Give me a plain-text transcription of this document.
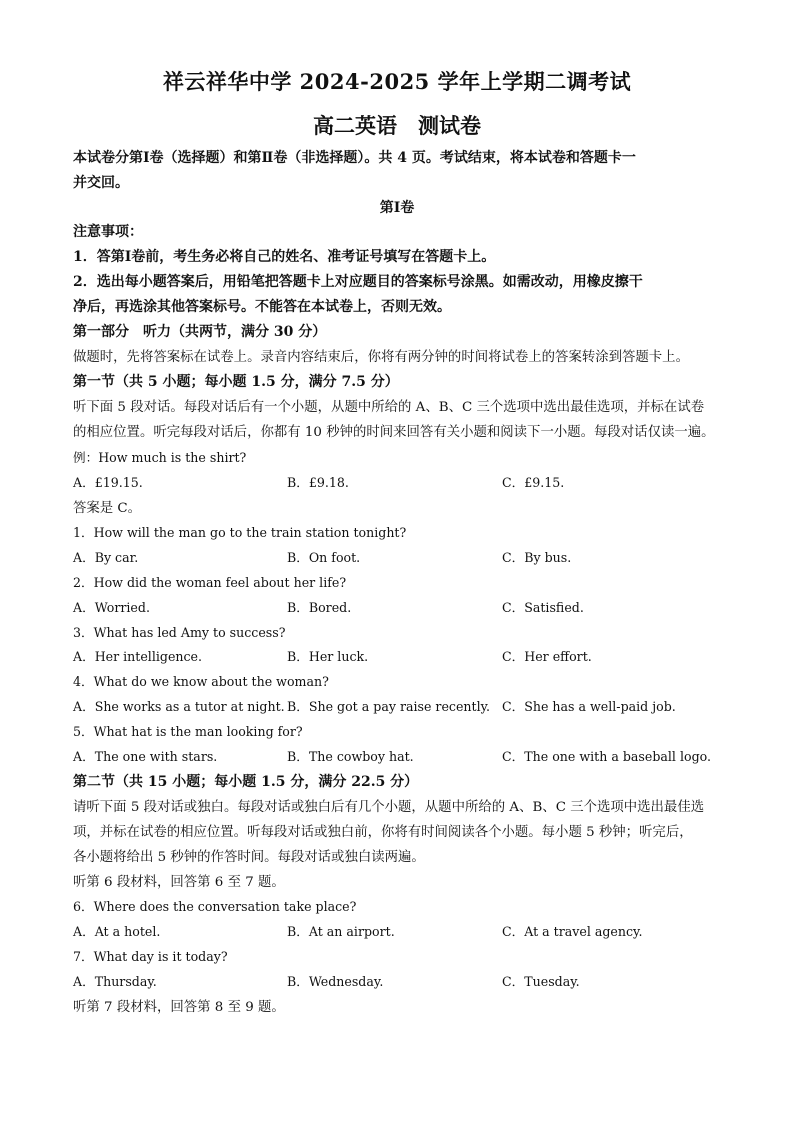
祥云祥华中学 2024-2025 学年上学期二调考试
高二英语　测试卷
本试卷分第Ⅰ卷（选择题）和第Ⅱ卷（非选择题）。共 4 页。考试结束，将本试卷和答题卡一
并交回。
第Ⅰ卷
注意事项：
1．答第Ⅰ卷前，考生务必将自己的姓名、准考证号填写在答题卡上。
2．选出每小题答案后，用铅笔把答题卡上对应题目的答案标号涂黑。如需改动，用橡皮擦干
净后，再选涂其他答案标号。不能答在本试卷上，否则无效。
第一部分　听力（共两节，满分 30 分）
做题时，先将答案标在试卷上。录音内容结束后，你将有两分钟的时间将试卷上的答案转涂到答题卡上。
第一节（共 5 小题；每小题 1.5 分，满分 7.5 分）
听下面 5 段对话。每段对话后有一个小题，从题中所给的 A、B、C 三个选项中选出最佳选项，并标在试卷
的相应位置。听完每段对话后，你都有 10 秒钟的时间来回答有关小题和阅读下一小题。每段对话仅读一遍。
例：How much is the shirt?
A．£19.15.	B．£9.18.	C．£9.15.
答案是 C。
1．How will the man go to the train station tonight?
A．By car.	B．On foot.	C．By bus.
2．How did the woman feel about her life?
A．Worried.	B．Bored.	C．Satisfied.
3．What has led Amy to success?
A．Her intelligence.	B．Her luck.	C．Her effort.
4．What do we know about the woman?
A．She works as a tutor at night. B．She got a pay raise recently. C．She has a well-paid job.
5．What hat is the man looking for?
A．The one with stars.	B．The cowboy hat.	C．The one with a baseball logo.
第二节（共 15 小题；每小题 1.5 分，满分 22.5 分）
请听下面 5 段对话或独白。每段对话或独白后有几个小题，从题中所给的 A、B、C 三个选项中选出最佳选
项，并标在试卷的相应位置。听每段对话或独白前，你将有时间阅读各个小题。每小题 5 秒钟；听完后，
各小题将给出 5 秒钟的作答时间。每段对话或独白读两遍。
听第 6 段材料，回答第 6 至 7 题。
6．Where does the conversation take place?
A．At a hotel.	B．At an airport.	C．At a travel agency.
7．What day is it today?
A．Thursday.	B．Wednesday.	C．Tuesday.
听第 7 段材料，回答第 8 至 9 题。
